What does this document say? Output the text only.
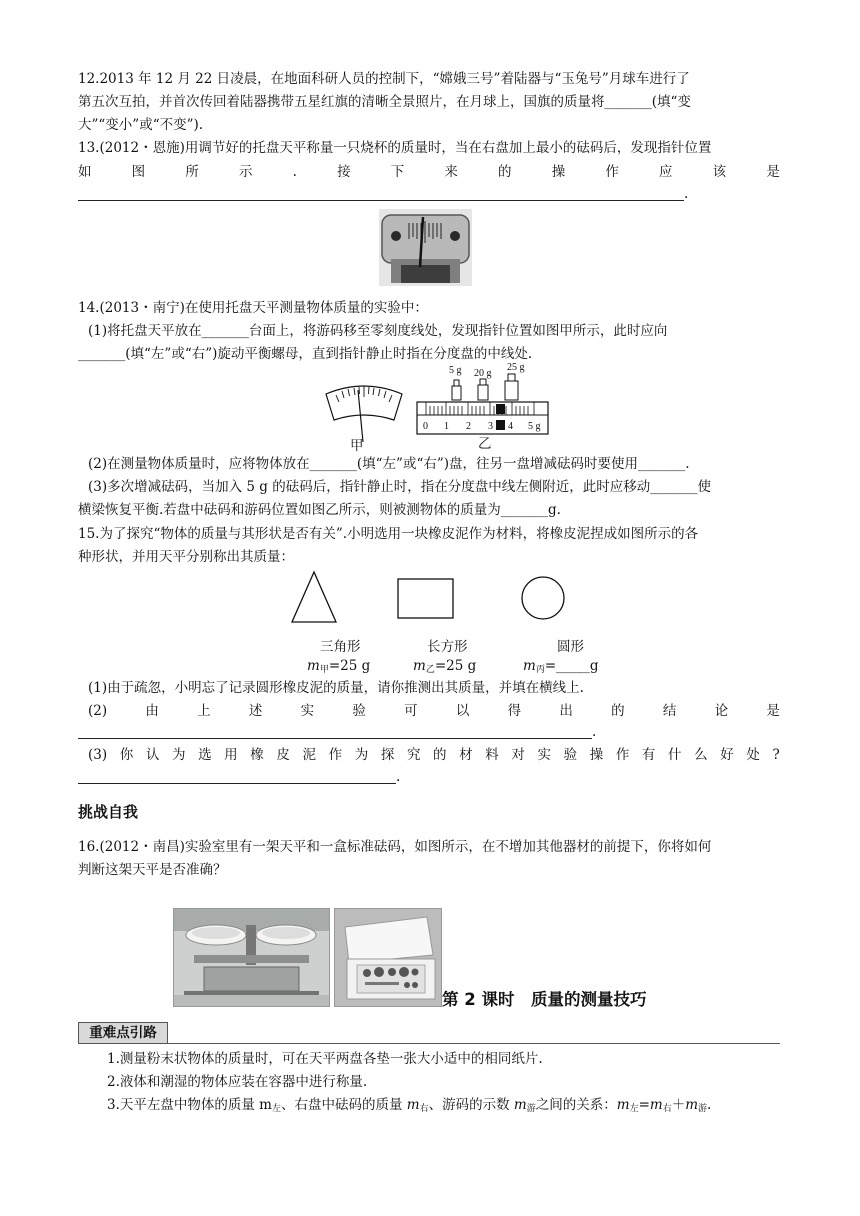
12.2013 年 12 月 22 日凌晨，在地面科研人员的控制下，“嫦娥三号”着陆器与“玉兔号”月球车进行了
第五次互拍，并首次传回着陆器携带五星红旗的清晰全景照片，在月球上，国旗的质量将_______(填“变
大”“变小”或“不变”).
13.(2012・恩施)用调节好的托盘天平称量一只烧杯的质量时，当在右盘加上最小的砝码后，发现指针位置
如	图	所	示	.	接	下	来	的	操	作	应	该	是
.
14.(2013・南宁)在使用托盘天平测量物体质量的实验中：
(1)将托盘天平放在_______台面上，将游码移至零刻度线处，发现指针位置如图甲所示，此时应向
_______(填“左”或“右”)旋动平衡螺母，直到指针静止时指在分度盘的中线处.
甲
5 g 20 g
25 g
0 1 2 3 4 5 g
乙
(2)在测量物体质量时，应将物体放在_______(填“左”或“右”)盘，往另一盘增减砝码时要使用_______.
(3)多次增减砝码，当加入 5 g 的砝码后，指针静止时，指在分度盘中线左侧附近，此时应移动_______使
横梁恢复平衡.若盘中砝码和游码位置如图乙所示，则被测物体的质量为_______g.
15.为了探究“物体的质量与其形状是否有关”.小明选用一块橡皮泥作为材料，将橡皮泥捏成如图所示的各
种形状，并用天平分别称出其质量：
三角形	长方形	圆形
$m_甲=25$ g	$m_乙=25$ g	$m_丙=\_\_\_\_\_g$
(1)由于疏忽，小明忘了记录圆形橡皮泥的质量，请你推测出其质量，并填在横线上.
(2)	由	上	述	实	验	可	以	得	出	的	结	论	是
.
(3) 你 认 为 选 用 橡 皮 泥 作 为 探 究 的 材 料 对 实 验 操 作 有 什 么 好 处 ?
.
挑战自我
16.(2012・南昌)实验室里有一架天平和一盒标准砝码，如图所示，在不增加其他器材的前提下，你将如何
判断这架天平是否准确？
第 2 课时　质量的测量技巧
重难点引路
1.测量粉末状物体的质量时，可在天平两盘各垫一张大小适中的相同纸片.
2.液体和潮湿的物体应装在容器中进行称量.
3.天平左盘中物体的质量 $m_左$、右盘中砝码的质量 $m_右$、游码的示数 $m_游$之间的关系：$m_左=m_右+m_游$.
